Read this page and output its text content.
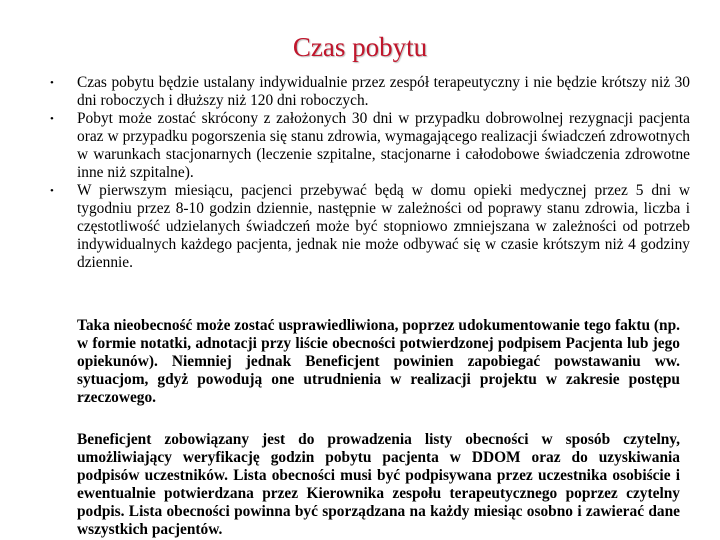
Czas pobytu
• Czas pobytu będzie ustalany indywidualnie przez zespół terapeutyczny i nie będzie krótszy niż 30 dni roboczych i dłuższy niż 120 dni roboczych.
• Pobyt może zostać skrócony z założonych 30 dni w przypadku dobrowolnej rezygnacji pacjenta oraz w przypadku pogorszenia się stanu zdrowia, wymagającego realizacji świadczeń zdrowotnych w warunkach stacjonarnych (leczenie szpitalne, stacjonarne i całodobowe świadczenia zdrowotne inne niż szpitalne).
• W pierwszym miesiącu, pacjenci przebywać będą w domu opieki medycznej przez 5 dni w tygodniu przez 8-10 godzin dziennie, następnie w zależności od poprawy stanu zdrowia, liczba i częstotliwość udzielanych świadczeń może być stopniowo zmniejszana w zależności od potrzeb indywidualnych każdego pacjenta, jednak nie może odbywać się w czasie krótszym niż 4 godziny dziennie.

Taka nieobecność może zostać usprawiedliwiona, poprzez udokumentowanie tego faktu (np. w formie notatki, adnotacji przy liście obecności potwierdzonej podpisem Pacjenta lub jego opiekunów). Niemniej jednak Beneficjent powinien zapobiegać powstawaniu ww. sytuacjom, gdyż powodują one utrudnienia w realizacji projektu w zakresie postępu rzeczowego.

Beneficjent zobowiązany jest do prowadzenia listy obecności w sposób czytelny, umożliwiający weryfikację godzin pobytu pacjenta w DDOM oraz do uzyskiwania podpisów uczestników. Lista obecności musi być podpisywana przez uczestnika osobiście i ewentualnie potwierdzana przez Kierownika zespołu terapeutycznego poprzez czytelny podpis. Lista obecności powinna być sporządzana na każdy miesiąc osobno i zawierać dane wszystkich pacjentów.
